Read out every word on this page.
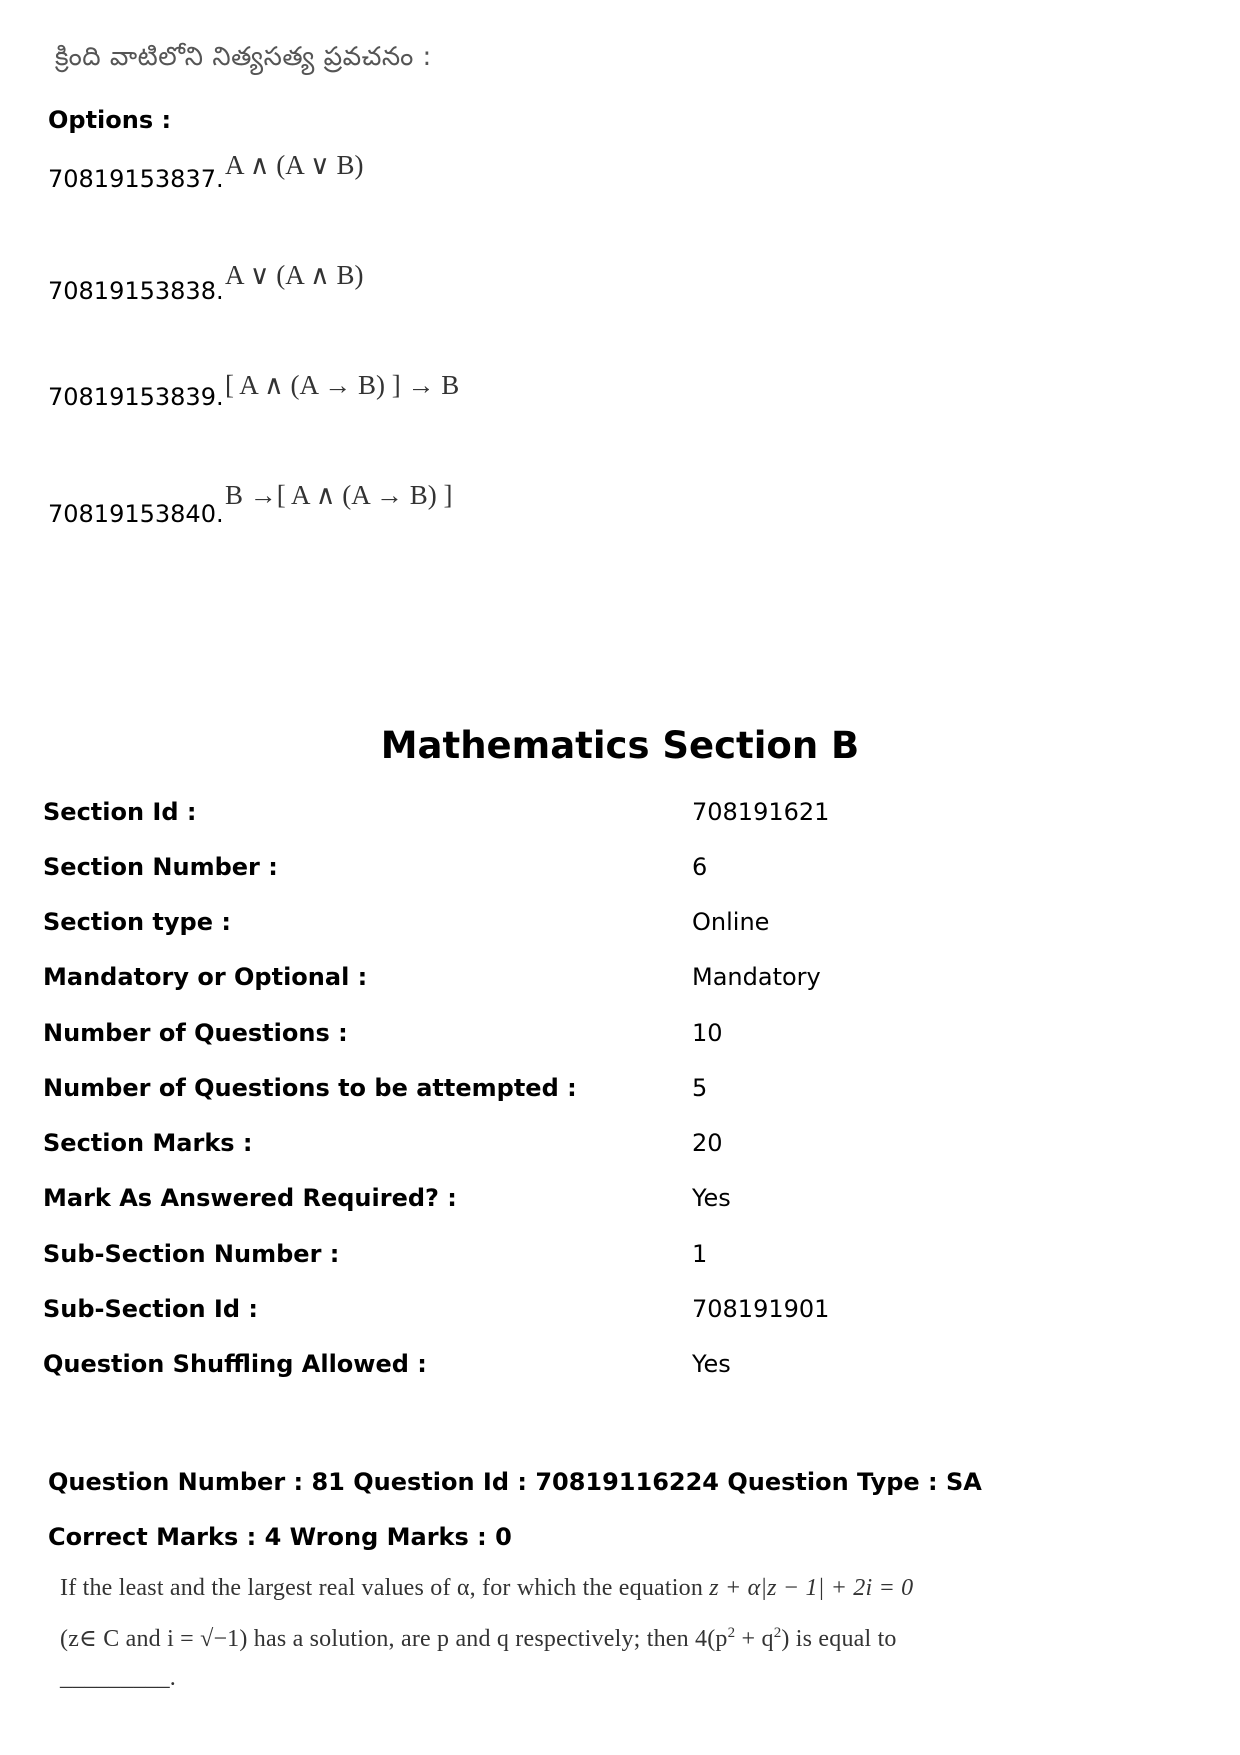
క్రింది వాటిలోని నిత్యసత్య ప్రవచనం :
Options :
70819153837. A ∧ (A ∨ B)
70819153838.
A ∨ (A ∧ B)
70819153839. [ A ∧ (A → B) ] → B
70819153840.
B →[ A ∧ (A → B) ]
Mathematics Section B
Section Id :	708191621
Section Number :	6
Section type :	Online
Mandatory or Optional :	Mandatory
Number of Questions :	10
Number of Questions to be attempted :	5
Section Marks :	20
Mark As Answered Required? :	Yes
Sub-Section Number :	1
Sub-Section Id :	708191901
Question Shuffling Allowed :	Yes
Question Number : 81 Question Id : 70819116224 Question Type : SA
Correct Marks : 4 Wrong Marks : 0
If the least and the largest real values of α, for which the equation z + α|z − 1| + 2i = 0
(z∈ C and i = √−1) has a solution, are p and q respectively; then $4(p^2 + q^2)$ is equal to
_________.
